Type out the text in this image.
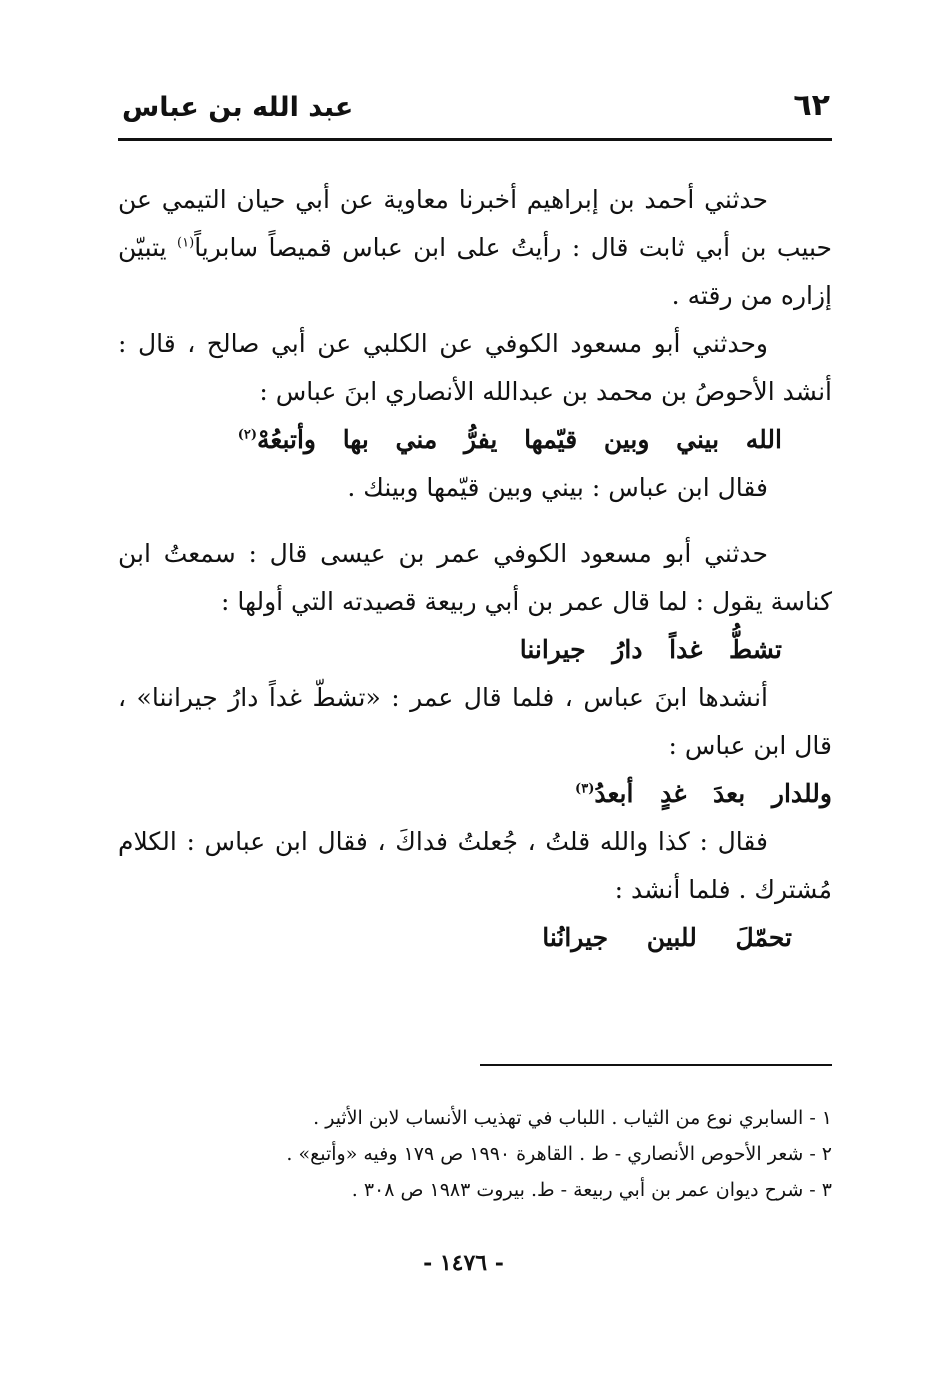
٦٢
عبد الله بن عباس

حدثني أحمد بن إبراهيم أخبرنا معاوية عن أبي حيان التيمي عن حبيب بن أبي ثابت قال : رأيتُ على ابن عباس قميصاً سابرياً$^{(١)}$ يتبيّن إزاره من رقته .

وحدثني أبو مسعود الكوفي عن الكلبي عن أبي صالح ، قال : أنشد الأحوصُ بن محمد بن عبدالله الأنصاري ابنَ عباس :

الله بيني وبين قيّمها يفرُّ مني بها وأتبعُهْ$^{(٢)}$

فقال ابن عباس : بيني وبين قيّمها وبينك .

حدثني أبو مسعود الكوفي عمر بن عيسى قال : سمعتُ ابن كناسة يقول : لما قال عمر بن أبي ربيعة قصيدته التي أولها :

تشطُّ غداً دارُ جيراننا

أنشدها ابنَ عباس ، فلما قال عمر : «تشطّ غداً دارُ جيراننا» ، قال ابن عباس :

وللدار بعدَ غدٍ أبعدُ$^{(٣)}$

فقال : كذا والله قلتُ ، جُعلتُ فداكَ ، فقال ابن عباس : الكلام مُشترك . فلما أنشد :

تحمّلَ للبين جيرانُنا

١ - السابري نوع من الثياب . اللباب في تهذيب الأنساب لابن الأثير .

٢ - شعر الأحوص الأنصاري - ط . القاهرة ١٩٩٠ ص ١٧٩ وفيه «وأتبع» .

٣ - شرح ديوان عمر بن أبي ربيعة - ط. بيروت ١٩٨٣ ص ٣٠٨ .

- ١٤٧٦ -
